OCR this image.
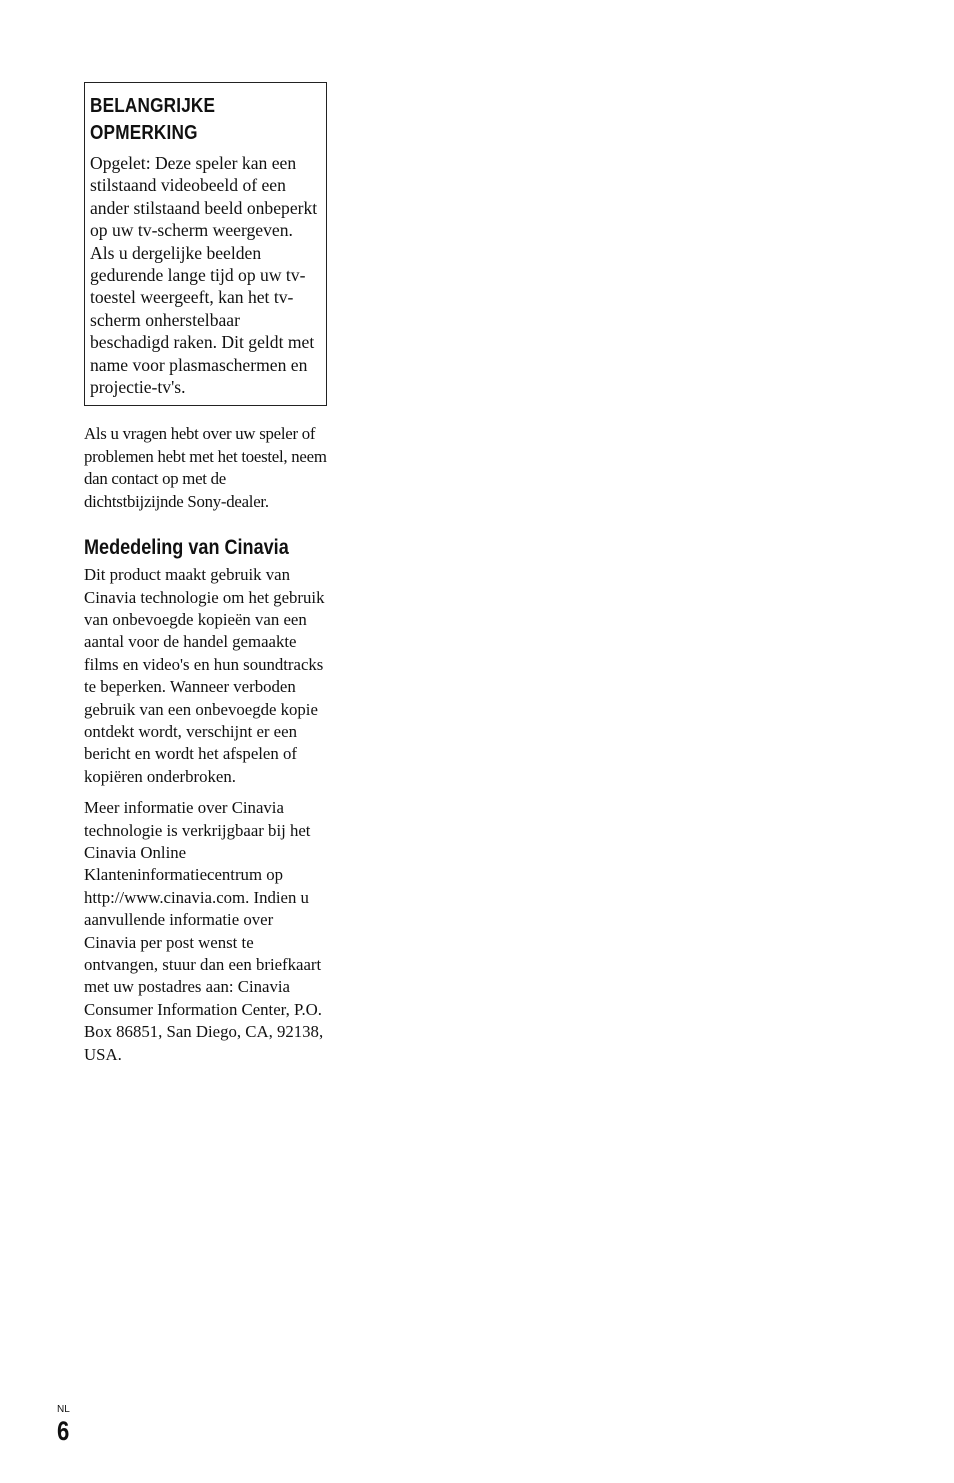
BELANGRIJKE OPMERKING

Opgelet: Deze speler kan een stilstaand videobeeld of een ander stilstaand beeld onbeperkt op uw tv-scherm weergeven. Als u dergelijke beelden gedurende lange tijd op uw tv-toestel weergeeft, kan het tv-scherm onherstelbaar beschadigd raken. Dit geldt met name voor plasmaschermen en projectie-tv's.

Als u vragen hebt over uw speler of problemen hebt met het toestel, neem dan contact op met de dichtstbijzijnde Sony-dealer.

Mededeling van Cinavia

Dit product maakt gebruik van Cinavia technologie om het gebruik van onbevoegde kopieën van een aantal voor de handel gemaakte films en video's en hun soundtracks te beperken. Wanneer verboden gebruik van een onbevoegde kopie ontdekt wordt, verschijnt er een bericht en wordt het afspelen of kopiëren onderbroken.

Meer informatie over Cinavia technologie is verkrijgbaar bij het Cinavia Online Klanteninformatiecentrum op http://www.cinavia.com. Indien u aanvullende informatie over Cinavia per post wenst te ontvangen, stuur dan een briefkaart met uw postadres aan: Cinavia Consumer Information Center, P.O. Box 86851, San Diego, CA, 92138, USA.

NL
6
